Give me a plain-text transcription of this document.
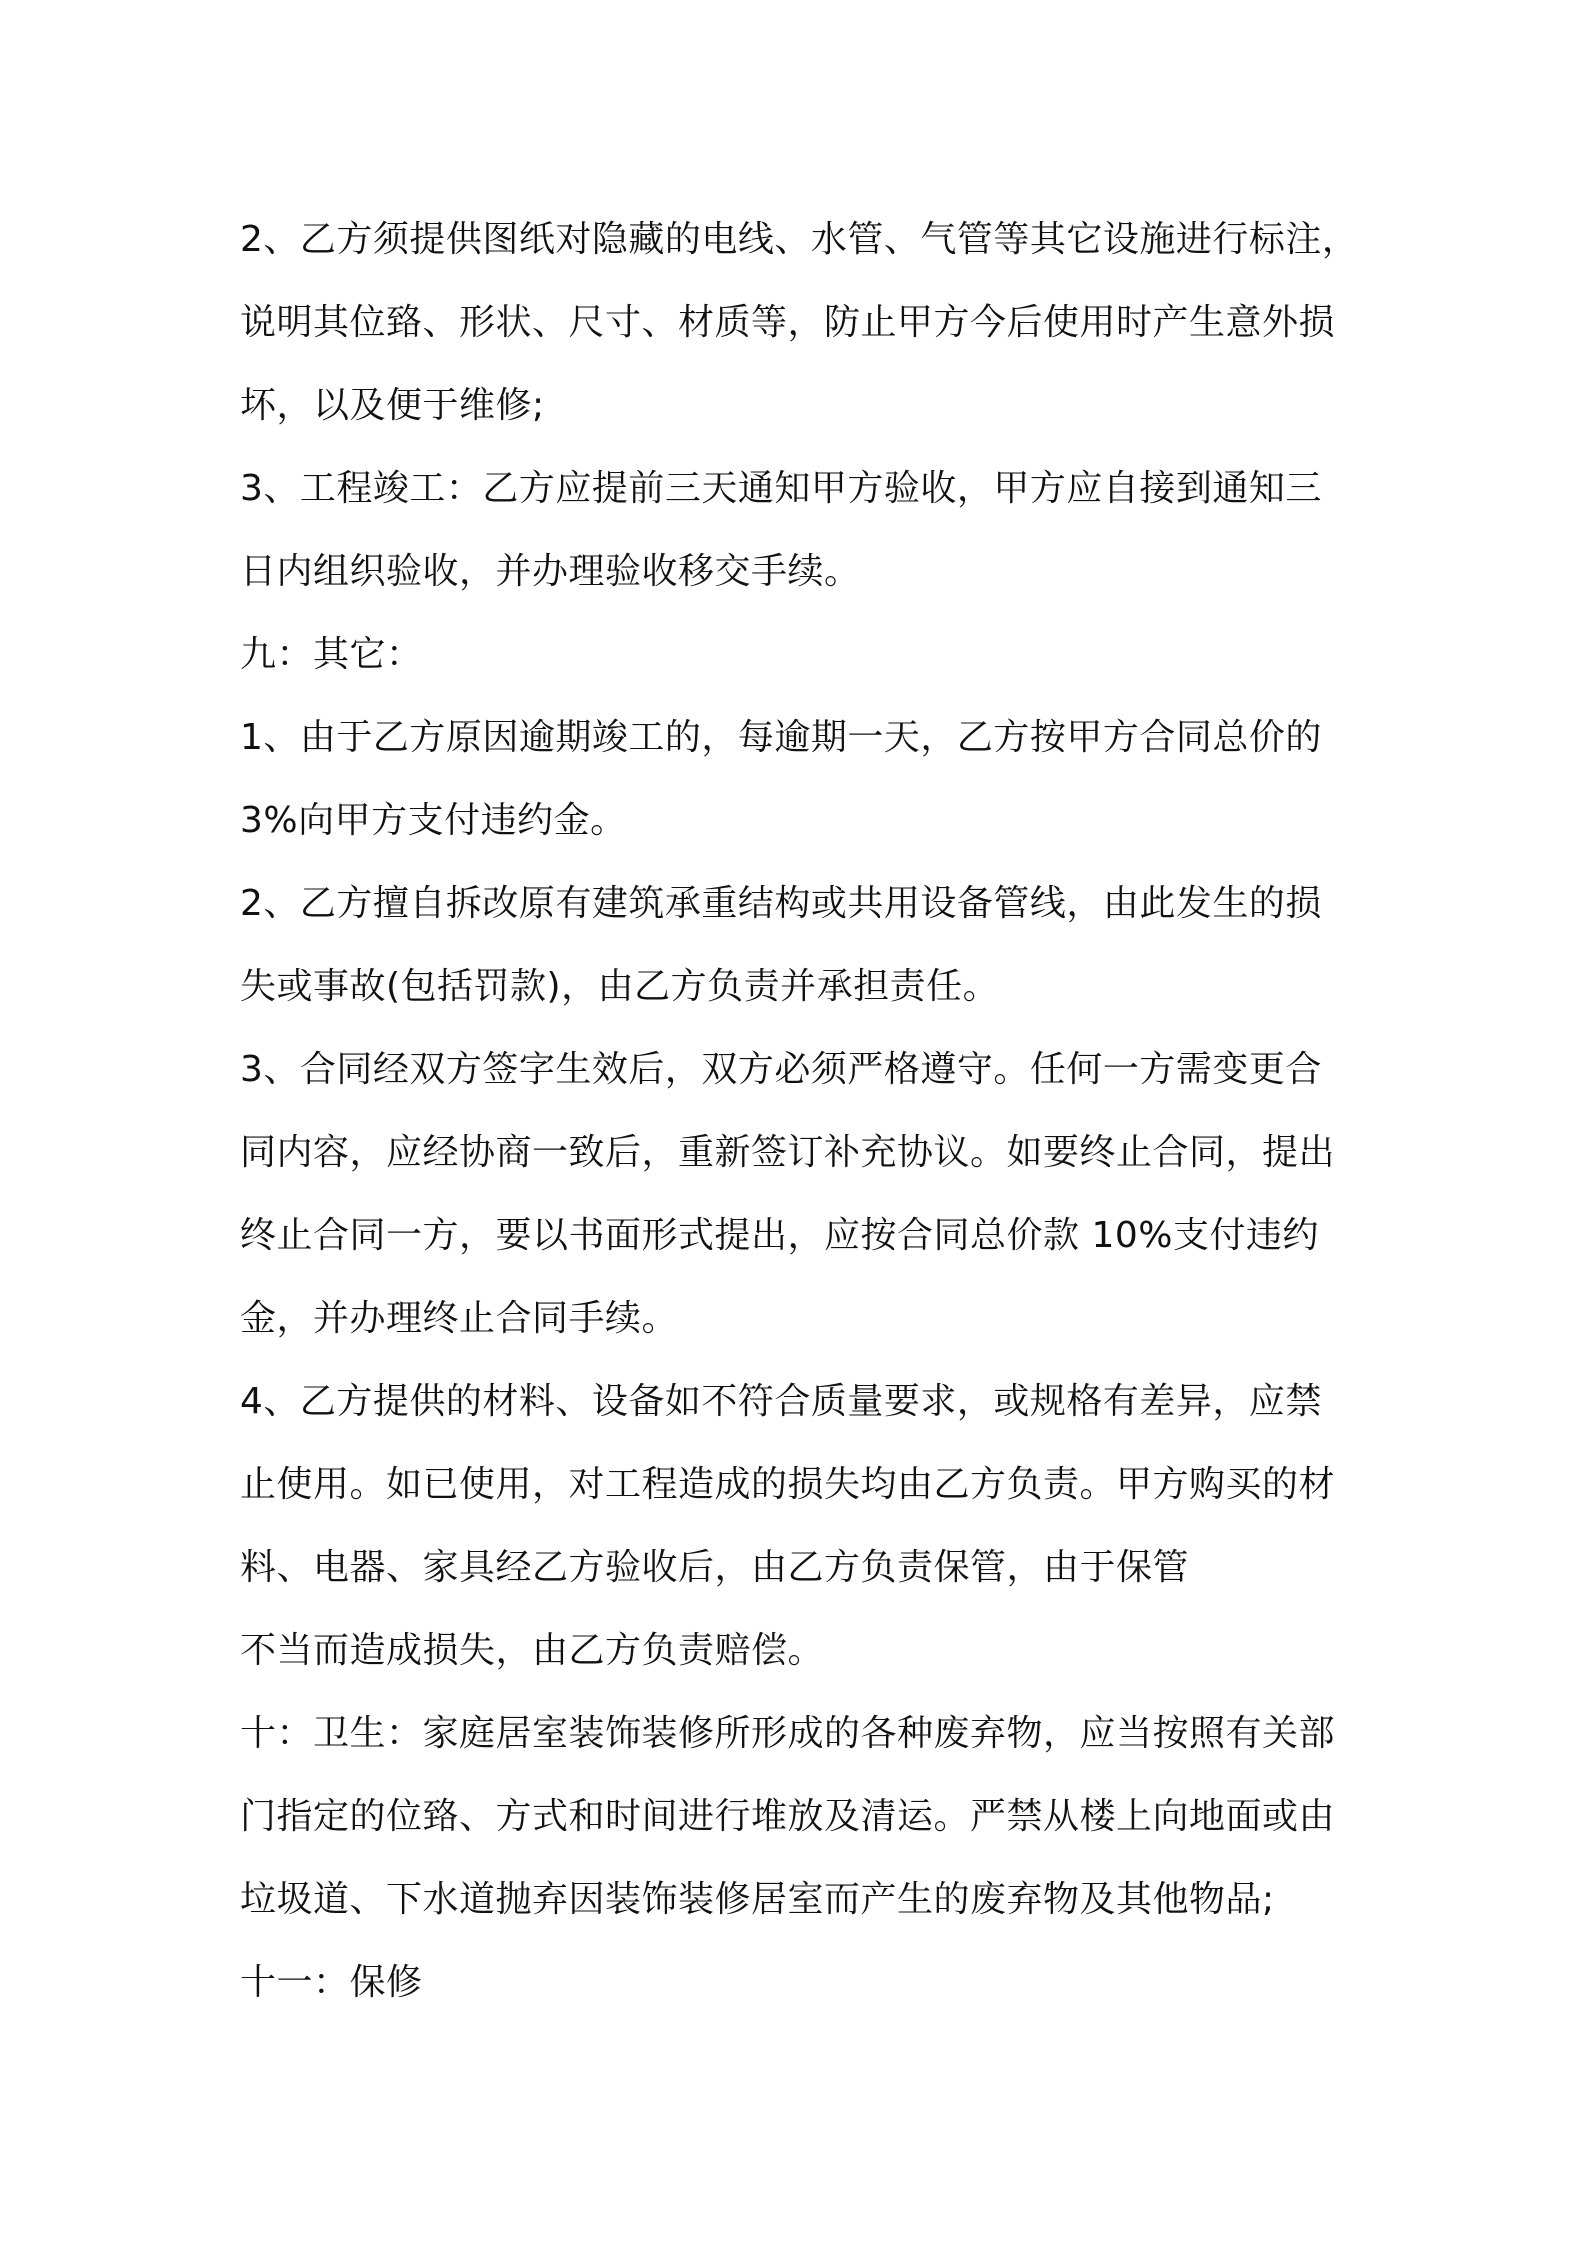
2、乙方须提供图纸对隐藏的电线、水管、气管等其它设施进行标注，
说明其位臵、形状、尺寸、材质等，防止甲方今后使用时产生意外损
坏，以及便于维修;
3、工程竣工：乙方应提前三天通知甲方验收，甲方应自接到通知三
日内组织验收，并办理验收移交手续。
九：其它：
1、由于乙方原因逾期竣工的，每逾期一天，乙方按甲方合同总价的
3%向甲方支付违约金。
2、乙方擅自拆改原有建筑承重结构或共用设备管线，由此发生的损
失或事故(包括罚款)，由乙方负责并承担责任。
3、合同经双方签字生效后，双方必须严格遵守。任何一方需变更合
同内容，应经协商一致后，重新签订补充协议。如要终止合同，提出
终止合同一方，要以书面形式提出，应按合同总价款 10%支付违约
金，并办理终止合同手续。
4、乙方提供的材料、设备如不符合质量要求，或规格有差异，应禁
止使用。如已使用，对工程造成的损失均由乙方负责。甲方购买的材
料、电器、家具经乙方验收后，由乙方负责保管，由于保管
不当而造成损失，由乙方负责赔偿。
十：卫生：家庭居室装饰装修所形成的各种废弃物，应当按照有关部
门指定的位臵、方式和时间进行堆放及清运。严禁从楼上向地面或由
垃圾道、下水道抛弃因装饰装修居室而产生的废弃物及其他物品;
十一：保修
